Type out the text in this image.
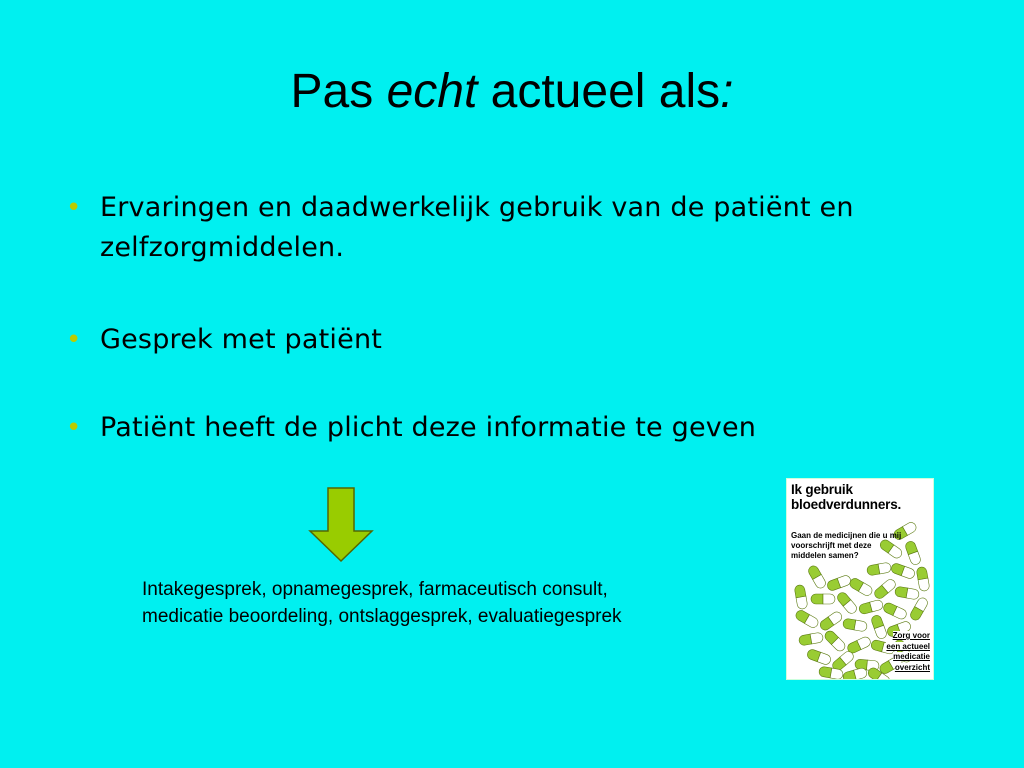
Pas echt actueel als:
• Ervaringen en daadwerkelijk gebruik van de patiënt en zelfzorgmiddelen.
• Gesprek met patiënt
• Patiënt heeft de plicht deze informatie te geven
Intakegesprek, opnamegesprek, farmaceutisch consult,
medicatie beoordeling, ontslaggesprek, evaluatiegesprek
Ik gebruik
bloedverdunners.
Gaan de medicijnen die u mij voorschrijft met deze middelen samen?
Zorg voor
een actueel
medicatie
overzicht
